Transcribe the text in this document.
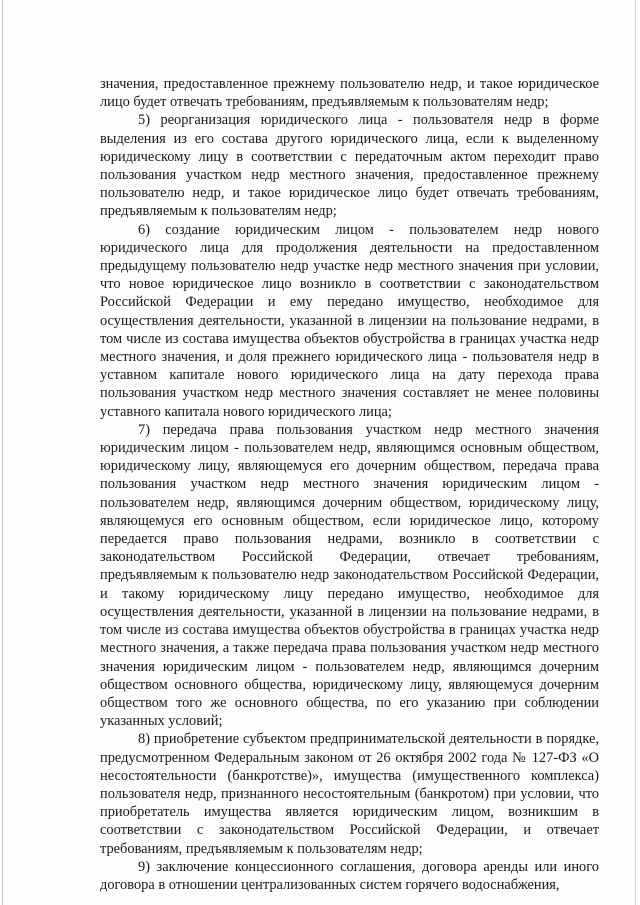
значения, предоставленное прежнему пользователю недр, и такое юридическое лицо будет отвечать требованиям, предъявляемым к пользователям недр;

5) реорганизация юридического лица - пользователя недр в форме выделения из его состава другого юридического лица, если к выделенному юридическому лицу в соответствии с передаточным актом переходит право пользования участком недр местного значения, предоставленное прежнему пользователю недр, и такое юридическое лицо будет отвечать требованиям, предъявляемым к пользователям недр;

6) создание юридическим лицом - пользователем недр нового юридического лица для продолжения деятельности на предоставленном предыдущему пользователю недр участке недр местного значения при условии, что новое юридическое лицо возникло в соответствии с законодательством Российской Федерации и ему передано имущество, необходимое для осуществления деятельности, указанной в лицензии на пользование недрами, в том числе из состава имущества объектов обустройства в границах участка недр местного значения, и доля прежнего юридического лица - пользователя недр в уставном капитале нового юридического лица на дату перехода права пользования участком недр местного значения составляет не менее половины уставного капитала нового юридического лица;

7) передача права пользования участком недр местного значения юридическим лицом - пользователем недр, являющимся основным обществом, юридическому лицу, являющемуся его дочерним обществом, передача права пользования участком недр местного значения юридическим лицом - пользователем недр, являющимся дочерним обществом, юридическому лицу, являющемуся его основным обществом, если юридическое лицо, которому передается право пользования недрами, возникло в соответствии с законодательством Российской Федерации, отвечает требованиям, предъявляемым к пользователю недр законодательством Российской Федерации, и такому юридическому лицу передано имущество, необходимое для осуществления деятельности, указанной в лицензии на пользование недрами, в том числе из состава имущества объектов обустройства в границах участка недр местного значения, а также передача права пользования участком недр местного значения юридическим лицом - пользователем недр, являющимся дочерним обществом основного общества, юридическому лицу, являющемуся дочерним обществом того же основного общества, по его указанию при соблюдении указанных условий;

8) приобретение субъектом предпринимательской деятельности в порядке, предусмотренном Федеральным законом от 26 октября 2002 года № 127-ФЗ «О несостоятельности (банкротстве)», имущества (имущественного комплекса) пользователя недр, признанного несостоятельным (банкротом) при условии, что приобретатель имущества является юридическим лицом, возникшим в соответствии с законодательством Российской Федерации, и отвечает требованиям, предъявляемым к пользователям недр;

9) заключение концессионного соглашения, договора аренды или иного договора в отношении централизованных систем горячего водоснабжения,
